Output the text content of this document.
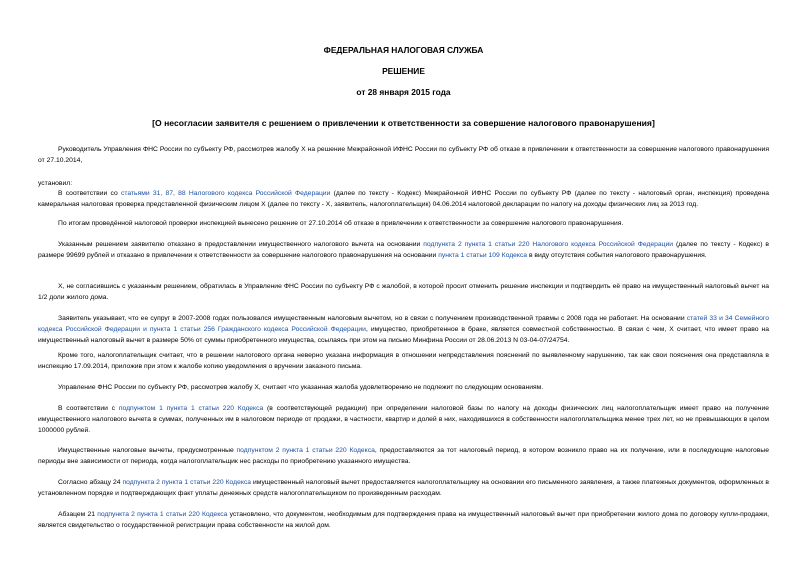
ФЕДЕРАЛЬНАЯ НАЛОГОВАЯ СЛУЖБА
РЕШЕНИЕ
от 28 января 2015 года
[О несогласии заявителя с решением о привлечении к ответственности за совершение налогового правонарушения]

Руководитель Управления ФНС России по субъекту РФ, рассмотрев жалобу Х на решение Межрайонной ИФНС России по субъекту РФ об отказе в привлечении к ответственности за совершение налогового правонарушения от 27.10.2014,

установил:

В соответствии со статьями 31, 87, 88 Налогового кодекса Российской Федерации (далее по тексту - Кодекс) Межрайонной ИФНС России по субъекту РФ (далее по тексту - налоговый орган, инспекция) проведена камеральная налоговая проверка представленной физическим лицом Х (далее по тексту - Х, заявитель, налогоплательщик) 04.06.2014 налоговой декларации по налогу на доходы физических лиц за 2013 год.

По итогам проведённой налоговой проверки инспекцией вынесено решение от 27.10.2014 об отказе в привлечении к ответственности за совершение налогового правонарушения.

Указанным решением заявителю отказано в предоставлении имущественного налогового вычета на основании подпункта 2 пункта 1 статьи 220 Налогового кодекса Российской Федерации (далее по тексту - Кодекс) в размере 99699 рублей и отказано в привлечении к ответственности за совершение налогового правонарушения на основании пункта 1 статьи 109 Кодекса в виду отсутствия события налогового правонарушения.

Х, не согласившись с указанным решением, обратилась в Управление ФНС России по субъекту РФ с жалобой, в которой просит отменить решение инспекции и подтвердить её право на имущественный налоговый вычет на 1/2 доли жилого дома.

Заявитель указывает, что ее супруг в 2007-2008 годах пользовался имущественным налоговым вычетом, но в связи с получением производственной травмы с 2008 года не работает. На основании статей 33 и 34 Семейного кодекса Российской Федерации и пункта 1 статьи 256 Гражданского кодекса Российской Федерации, имущество, приобретенное в браке, является совместной собственностью. В связи с чем, Х считает, что имеет право на имущественный налоговый вычет в размере 50% от суммы приобретенного имущества, ссылаясь при этом на письмо Минфина России от 28.06.2013 N 03-04-07/24754.

Кроме того, налогоплательщик считает, что в решении налогового органа неверно указана информация в отношении непредставления пояснений по выявленному нарушению, так как свои пояснения она представляла в инспекцию 17.09.2014, приложив при этом к жалобе копию уведомления о вручении заказного письма.

Управление ФНС России по субъекту РФ, рассмотрев жалобу Х, считает что указанная жалоба удовлетворению не подлежит по следующим основаниям.

В соответствии с подпунктом 1 пункта 1 статьи 220 Кодекса (в соответствующей редакции) при определении налоговой базы по налогу на доходы физических лиц налогоплательщик имеет право на получение имущественного налогового вычета в суммах, полученных им в налоговом периоде от продажи, в частности, квартир и долей в них, находившихся в собственности налогоплательщика менее трех лет, но не превышающих в целом 1000000 рублей.

Имущественные налоговые вычеты, предусмотренные подпунктом 2 пункта 1 статьи 220 Кодекса, предоставляются за тот налоговый период, в котором возникло право на их получение, или в последующие налоговые периоды вне зависимости от периода, когда налогоплательщик нес расходы по приобретению указанного имущества.

Согласно абзацу 24 подпункта 2 пункта 1 статьи 220 Кодекса имущественный налоговый вычет предоставляется налогоплательщику на основании его письменного заявления, а также платежных документов, оформленных в установленном порядке и подтверждающих факт уплаты денежных средств налогоплательщиком по произведенным расходам.

Абзацем 21 подпункта 2 пункта 1 статьи 220 Кодекса установлено, что документом, необходимым для подтверждения права на имущественный налоговый вычет при приобретении жилого дома по договору купли-продажи, является свидетельство о государственной регистрации права собственности на жилой дом.
